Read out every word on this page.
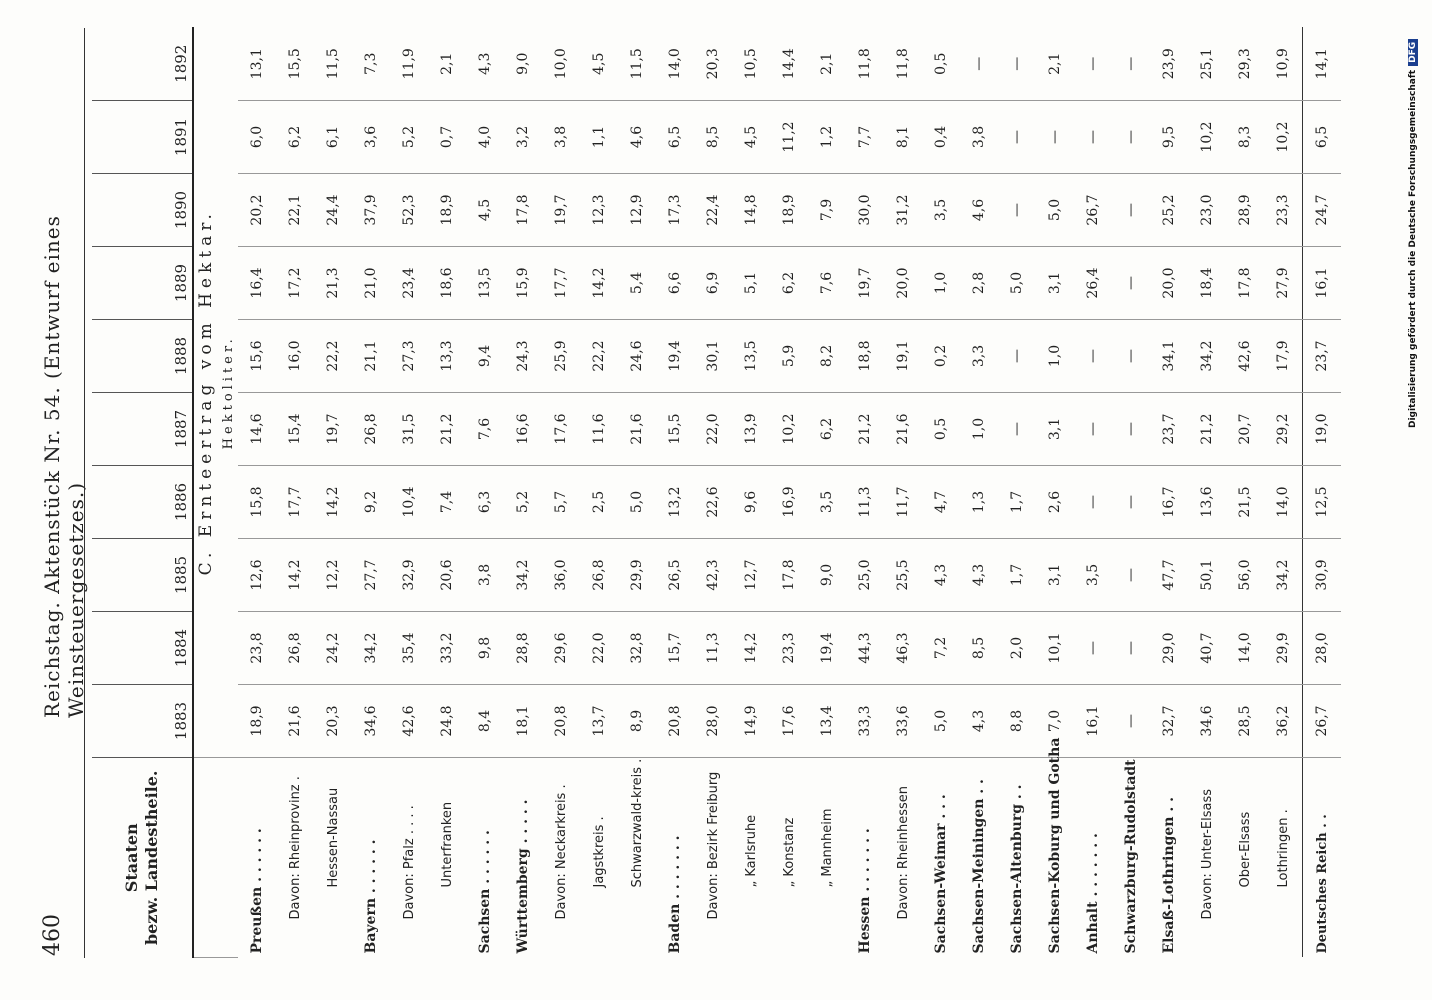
460
Reichstag. Aktenstück Nr. 54. (Entwurf eines Weinsteuergesetzes.)
Staaten bezw. Landestheile.	1883	1884	1885	1886	1887	1888	1889	1890	1891	1892
	C. Ernteertrag vom Hektar.									
	Hektoliter.									
Preußen . . . . . .	18,9	23,8	12,6	15,8	14,6	15,6	16,4	20,2	6,0	13,1
Davon: Rheinprovinz .	21,6	26,8	14,2	17,7	15,4	16,0	17,2	22,1	6,2	15,5
Hessen-Nassau	20,3	24,2	12,2	14,2	19,7	22,2	21,3	24,4	6,1	11,5
Bayern . . . . . .	34,6	34,2	27,7	9,2	26,8	21,1	21,0	37,9	3,6	7,3
Davon: Pfalz . . . .	42,6	35,4	32,9	10,4	31,5	27,3	23,4	52,3	5,2	11,9
Unterfranken	24,8	33,2	20,6	7,4	21,2	13,3	18,6	18,9	0,7	2,1
Sachsen . . . . . .	8,4	9,8	3,8	6,3	7,6	9,4	13,5	4,5	4,0	4,3
Württemberg . . . . .	18,1	28,8	34,2	5,2	16,6	24,3	15,9	17,8	3,2	9,0
Davon: Neckarkreis .	20,8	29,6	36,0	5,7	17,6	25,9	17,7	19,7	3,8	10,0
Jagstkreis .	13,7	22,0	26,8	2,5	11,6	22,2	14,2	12,3	1,1	4,5
Schwarzwald-kreis .	8,9	32,8	29,9	5,0	21,6	24,6	5,4	12,9	4,6	11,5
Baden . . . . . . .	20,8	15,7	26,5	13,2	15,5	19,4	6,6	17,3	6,5	14,0
Davon: Bezirk Freiburg	28,0	11,3	42,3	22,6	22,0	30,1	6,9	22,4	8,5	20,3
„ Karlsruhe	14,9	14,2	12,7	9,6	13,9	13,5	5,1	14,8	4,5	10,5
„ Konstanz	17,6	23,3	17,8	16,9	10,2	5,9	6,2	18,9	11,2	14,4
„ Mannheim	13,4	19,4	9,0	3,5	6,2	8,2	7,6	7,9	1,2	2,1
Hessen . . . . . . .	33,3	44,3	25,0	11,3	21,2	18,8	19,7	30,0	7,7	11,8
Davon: Rheinhessen	33,6	46,3	25,5	11,7	21,6	19,1	20,0	31,2	8,1	11,8
Sachsen-Weimar . . .	5,0	7,2	4,3	4,7	0,5	0,2	1,0	3,5	0,4	0,5
Sachsen-Meiningen . .	4,3	8,5	4,3	1,3	1,0	3,3	2,8	4,6	3,8	—
Sachsen-Altenburg . .	8,8	2,0	1,7	1,7	—	—	5,0	—	—	—
Sachsen-Koburg und Gotha	7,0	10,1	3,1	2,6	3,1	1,0	3,1	5,0	—	2,1
Anhalt . . . . . . .	16,1	—	3,5	—	—	—	26,4	26,7	—	—
Schwarzburg-Rudolstadt	—	—	—	—	—	—	—	—	—	—
Elsaß-Lothringen . .	32,7	29,0	47,7	16,7	23,7	34,1	20,0	25,2	9,5	23,9
Davon: Unter-Elsass	34,6	40,7	50,1	13,6	21,2	34,2	18,4	23,0	10,2	25,1
Ober-Elsass	28,5	14,0	56,0	21,5	20,7	42,6	17,8	28,9	8,3	29,3
Lothringen .	36,2	29,9	34,2	14,0	29,2	17,9	27,9	23,3	10,2	10,9
Deutsches Reich . .	26,7	28,0	30,9	12,5	19,0	23,7	16,1	24,7	6,5	14,1
Digitalisierung gefördert durch die Deutsche ForschungsgemeinschaftDFG
